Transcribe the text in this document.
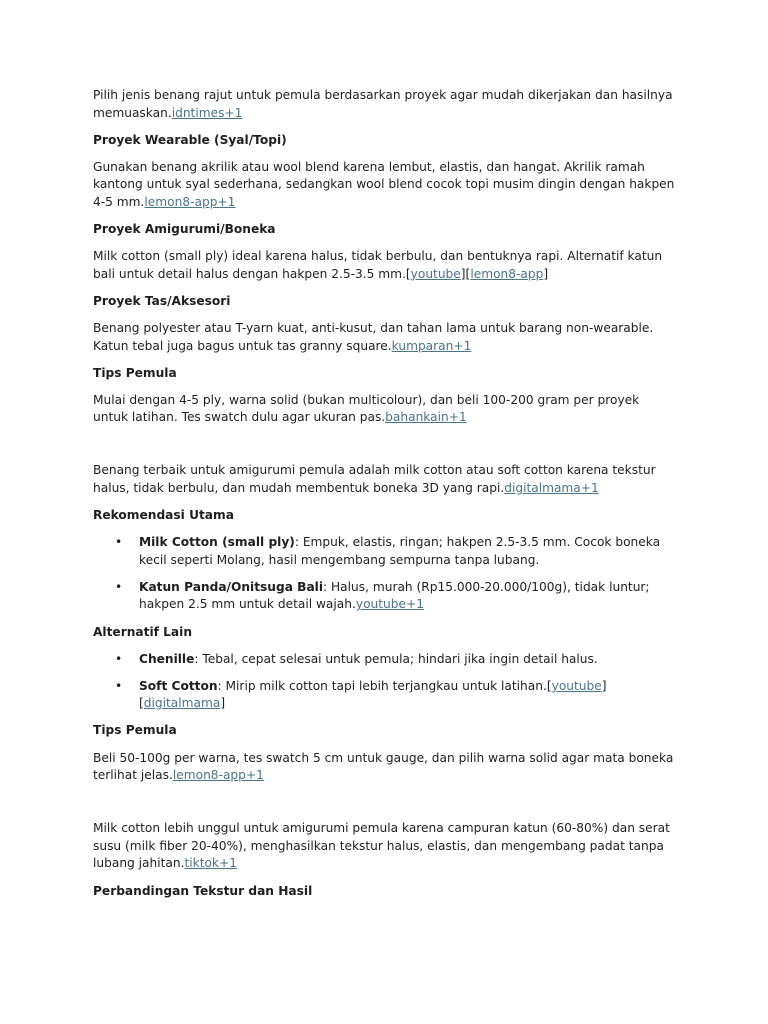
Pilih jenis benang rajut untuk pemula berdasarkan proyek agar mudah dikerjakan dan hasilnya memuaskan.idntimes+1

Proyek Wearable (Syal/Topi)

Gunakan benang akrilik atau wool blend karena lembut, elastis, dan hangat. Akrilik ramah kantong untuk syal sederhana, sedangkan wool blend cocok topi musim dingin dengan hakpen 4-5 mm.lemon8-app+1

Proyek Amigurumi/Boneka

Milk cotton (small ply) ideal karena halus, tidak berbulu, dan bentuknya rapi. Alternatif katun bali untuk detail halus dengan hakpen 2.5-3.5 mm.[youtube][lemon8-app]

Proyek Tas/Aksesori

Benang polyester atau T-yarn kuat, anti-kusut, dan tahan lama untuk barang non-wearable. Katun tebal juga bagus untuk tas granny square.kumparan+1

Tips Pemula

Mulai dengan 4-5 ply, warna solid (bukan multicolour), dan beli 100-200 gram per proyek untuk latihan. Tes swatch dulu agar ukuran pas.bahankain+1

Benang terbaik untuk amigurumi pemula adalah milk cotton atau soft cotton karena tekstur halus, tidak berbulu, dan mudah membentuk boneka 3D yang rapi.digitalmama+1

Rekomendasi Utama

• Milk Cotton (small ply): Empuk, elastis, ringan; hakpen 2.5-3.5 mm. Cocok boneka kecil seperti Molang, hasil mengembang sempurna tanpa lubang.
• Katun Panda/Onitsuga Bali: Halus, murah (Rp15.000-20.000/100g), tidak luntur; hakpen 2.5 mm untuk detail wajah.youtube+1

Alternatif Lain

• Chenille: Tebal, cepat selesai untuk pemula; hindari jika ingin detail halus.
• Soft Cotton: Mirip milk cotton tapi lebih terjangkau untuk latihan.[youtube] [digitalmama]

Tips Pemula

Beli 50-100g per warna, tes swatch 5 cm untuk gauge, dan pilih warna solid agar mata boneka terlihat jelas.lemon8-app+1

Milk cotton lebih unggul untuk amigurumi pemula karena campuran katun (60-80%) dan serat susu (milk fiber 20-40%), menghasilkan tekstur halus, elastis, dan mengembang padat tanpa lubang jahitan.tiktok+1

Perbandingan Tekstur dan Hasil
